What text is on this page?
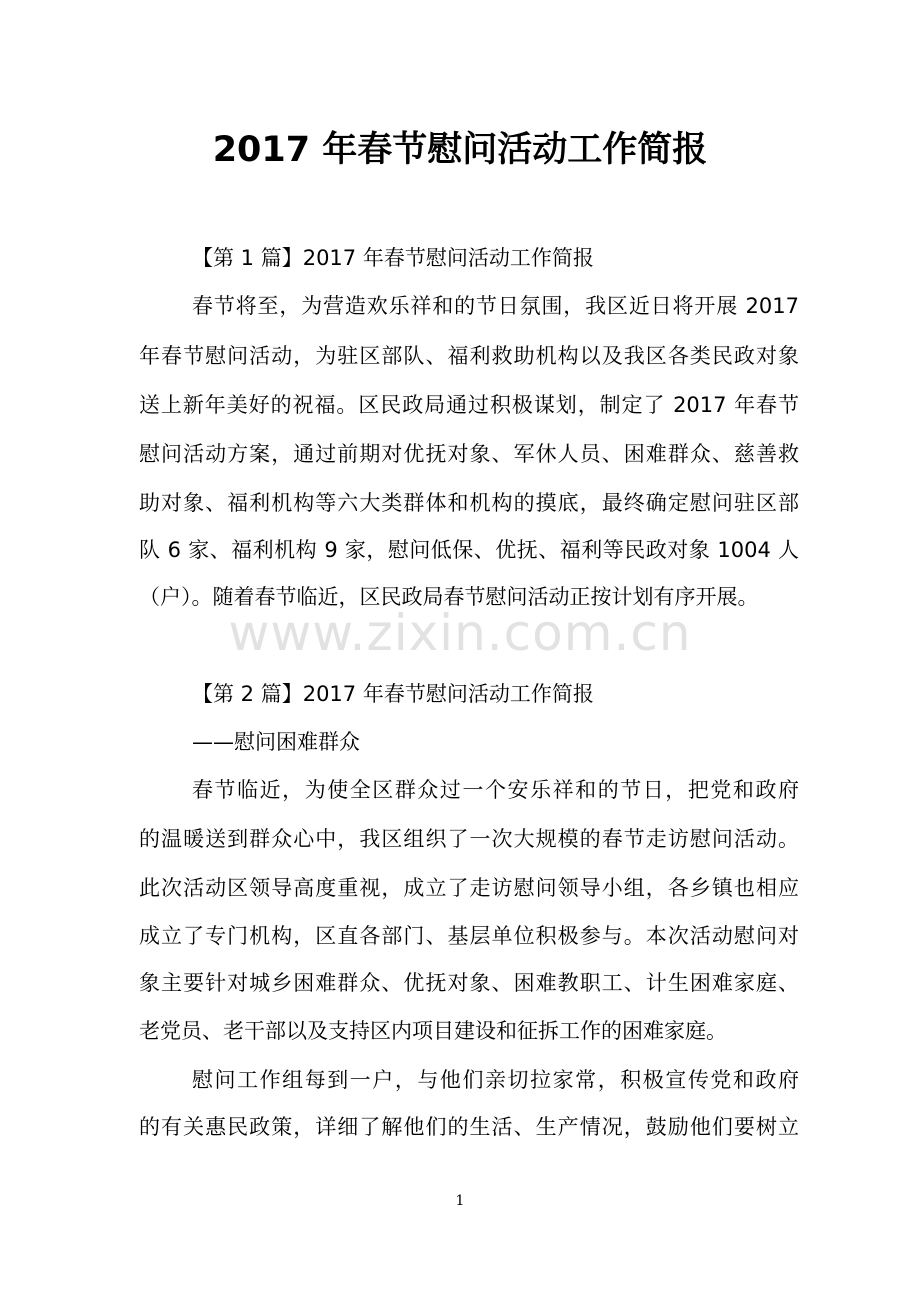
2017 年春节慰问活动工作简报
【第 1 篇】2017 年春节慰问活动工作简报
春节将至，为营造欢乐祥和的节日氛围，我区近日将开展 2017
年春节慰问活动，为驻区部队、福利救助机构以及我区各类民政对象
送上新年美好的祝福。区民政局通过积极谋划，制定了 2017 年春节
慰问活动方案，通过前期对优抚对象、军休人员、困难群众、慈善救
助对象、福利机构等六大类群体和机构的摸底，最终确定慰问驻区部
队 6 家、福利机构 9 家，慰问低保、优抚、福利等民政对象 1004 人
（户）。随着春节临近，区民政局春节慰问活动正按计划有序开展。
www.zixin.com.cn
【第 2 篇】2017 年春节慰问活动工作简报
——慰问困难群众
春节临近，为使全区群众过一个安乐祥和的节日，把党和政府
的温暖送到群众心中，我区组织了一次大规模的春节走访慰问活动。
此次活动区领导高度重视，成立了走访慰问领导小组，各乡镇也相应
成立了专门机构，区直各部门、基层单位积极参与。本次活动慰问对
象主要针对城乡困难群众、优抚对象、困难教职工、计生困难家庭、
老党员、老干部以及支持区内项目建设和征拆工作的困难家庭。
慰问工作组每到一户，与他们亲切拉家常，积极宣传党和政府
的有关惠民政策，详细了解他们的生活、生产情况，鼓励他们要树立
1
